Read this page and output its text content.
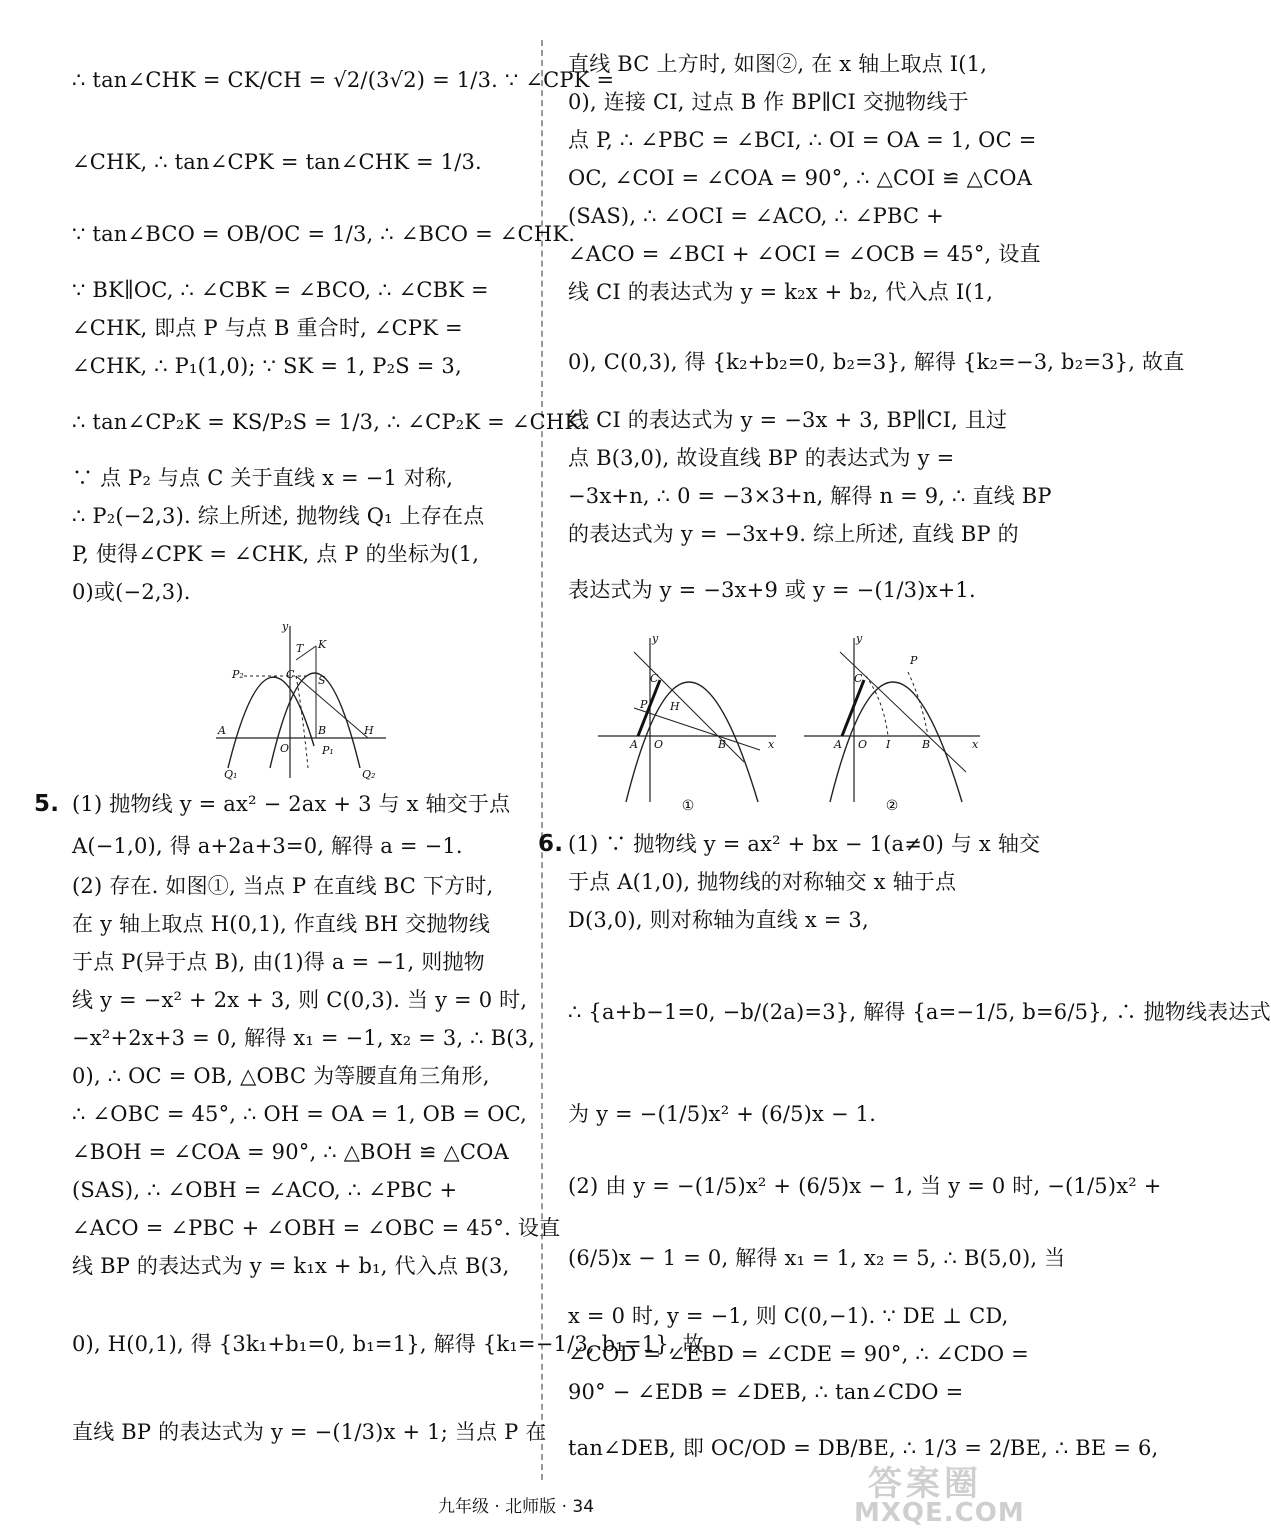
∴ tan∠CHK = CK/CH = √2/(3√2) = 1/3. ∵ ∠CPK =
∠CHK, ∴ tan∠CPK = tan∠CHK = 1/3.
∵ tan∠BCO = OB/OC = 1/3, ∴ ∠BCO = ∠CHK.
∵ BK∥OC, ∴ ∠CBK = ∠BCO, ∴ ∠CBK =
∠CHK, 即点 P 与点 B 重合时, ∠CPK =
∠CHK, ∴ P₁(1,0); ∵ SK = 1, P₂S = 3,
∴ tan∠CP₂K = KS/P₂S = 1/3, ∴ ∠CP₂K = ∠CHK.
∵ 点 P₂ 与点 C 关于直线 x = −1 对称,
∴ P₂(−2,3). 综上所述, 抛物线 Q₁ 上存在点
P, 使得∠CPK = ∠CHK, 点 P 的坐标为(1,
0)或(−2,3).
5. (1) 抛物线 y = ax² − 2ax + 3 与 x 轴交于点
A(−1,0), 得 a+2a+3=0, 解得 a = −1.
(2) 存在. 如图①, 当点 P 在直线 BC 下方时,
在 y 轴上取点 H(0,1), 作直线 BH 交抛物线
于点 P(异于点 B), 由(1)得 a = −1, 则抛物
线 y = −x² + 2x + 3, 则 C(0,3). 当 y = 0 时,
−x²+2x+3 = 0, 解得 x₁ = −1, x₂ = 3, ∴ B(3,
0), ∴ OC = OB, △OBC 为等腰直角三角形,
∴ ∠OBC = 45°, ∴ OH = OA = 1, OB = OC,
∠BOH = ∠COA = 90°, ∴ △BOH ≌ △COA
(SAS), ∴ ∠OBH = ∠ACO, ∴ ∠PBC +
∠ACO = ∠PBC + ∠OBH = ∠OBC = 45°. 设直
线 BP 的表达式为 y = k₁x + b₁, 代入点 B(3,
0), H(0,1), 得 {3k₁+b₁=0, b₁=1}, 解得 {k₁=−1/3, b₁=1}, 故
直线 BP 的表达式为 y = −(1/3)x + 1; 当点 P 在
y
T K
P₂	C S
A
O
B
P₁
H
Q₁	Q₂
直线 BC 上方时, 如图②, 在 x 轴上取点 I(1,
0), 连接 CI, 过点 B 作 BP∥CI 交抛物线于
点 P, ∴ ∠PBC = ∠BCI, ∴ OI = OA = 1, OC =
OC, ∠COI = ∠COA = 90°, ∴ △COI ≌ △COA
(SAS), ∴ ∠OCI = ∠ACO, ∴ ∠PBC +
∠ACO = ∠BCI + ∠OCI = ∠OCB = 45°, 设直
线 CI 的表达式为 y = k₂x + b₂, 代入点 I(1,
0), C(0,3), 得 {k₂+b₂=0, b₂=3}, 解得 {k₂=−3, b₂=3}, 故直
线 CI 的表达式为 y = −3x + 3, BP∥CI, 且过
点 B(3,0), 故设直线 BP 的表达式为 y =
−3x+n, ∴ 0 = −3×3+n, 解得 n = 9, ∴ 直线 BP
的表达式为 y = −3x+9. 综上所述, 直线 BP 的
表达式为 y = −3x+9 或 y = −(1/3)x+1.
6. (1) ∵ 抛物线 y = ax² + bx − 1(a≠0) 与 x 轴交
于点 A(1,0), 抛物线的对称轴交 x 轴于点
D(3,0), 则对称轴为直线 x = 3,
∴ {a+b−1=0, −b/(2a)=3}, 解得 {a=−1/5, b=6/5}, ∴ 抛物线表达式
为 y = −(1/5)x² + (6/5)x − 1.
(2) 由 y = −(1/5)x² + (6/5)x − 1, 当 y = 0 时, −(1/5)x² +
(6/5)x − 1 = 0, 解得 x₁ = 1, x₂ = 5, ∴ B(5,0), 当
x = 0 时, y = −1, 则 C(0,−1). ∵ DE ⊥ CD,
∠COD = ∠EBD = ∠CDE = 90°, ∴ ∠CDO =
90° − ∠EDB = ∠DEB, ∴ tan∠CDO =
tan∠DEB, 即 OC/OD = DB/BE, ∴ 1/3 = 2/BE, ∴ BE = 6,
y
C
P H
A O	B	x
①
y
P
C
A O I	B	x
②
九年级 · 北师版 · 34
答案圈
MXQE.COM
